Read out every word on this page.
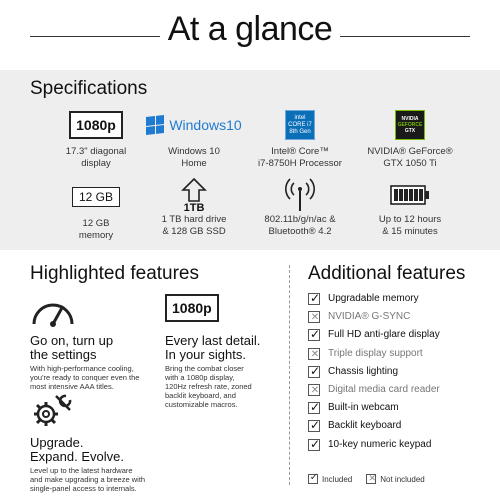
At a glance
Specifications
1080p
17.3" diagonal
display
Windows10
Windows 10
Home
intel
CORE i7
8th Gen
Intel® Core™
i7-8750H Processor
NVIDIA
GEFORCE
GTX
NVIDIA® GeForce®
GTX 1050 Ti
12 GB
12 GB
memory
1TB
1 TB hard drive
& 128 GB SSD
802.11b/g/n/ac &
Bluetooth® 4.2
Up to 12 hours
& 15 minutes
Highlighted features
Go on, turn up
the settings
With high-performance cooling,
you're ready to conquer even the
most intensive AAA titles.
1080p
Every last detail.
In your sights.
Bring the combat closer
with a 1080p display,
120Hz refresh rate, zoned
backlit keyboard, and
customizable macros.
Upgrade.
Expand. Evolve.
Level up to the latest hardware
and make upgrading a breeze with
single-panel access to internals.
Additional features
✓ Upgradable memory
✕ NVIDIA® G-SYNC
✓ Full HD anti-glare display
✕ Triple display support
✓ Chassis lighting
✕ Digital media card reader
✓ Built-in webcam
✓ Backlit keyboard
✓ 10-key numeric keypad
✓ Included ✕ Not included
